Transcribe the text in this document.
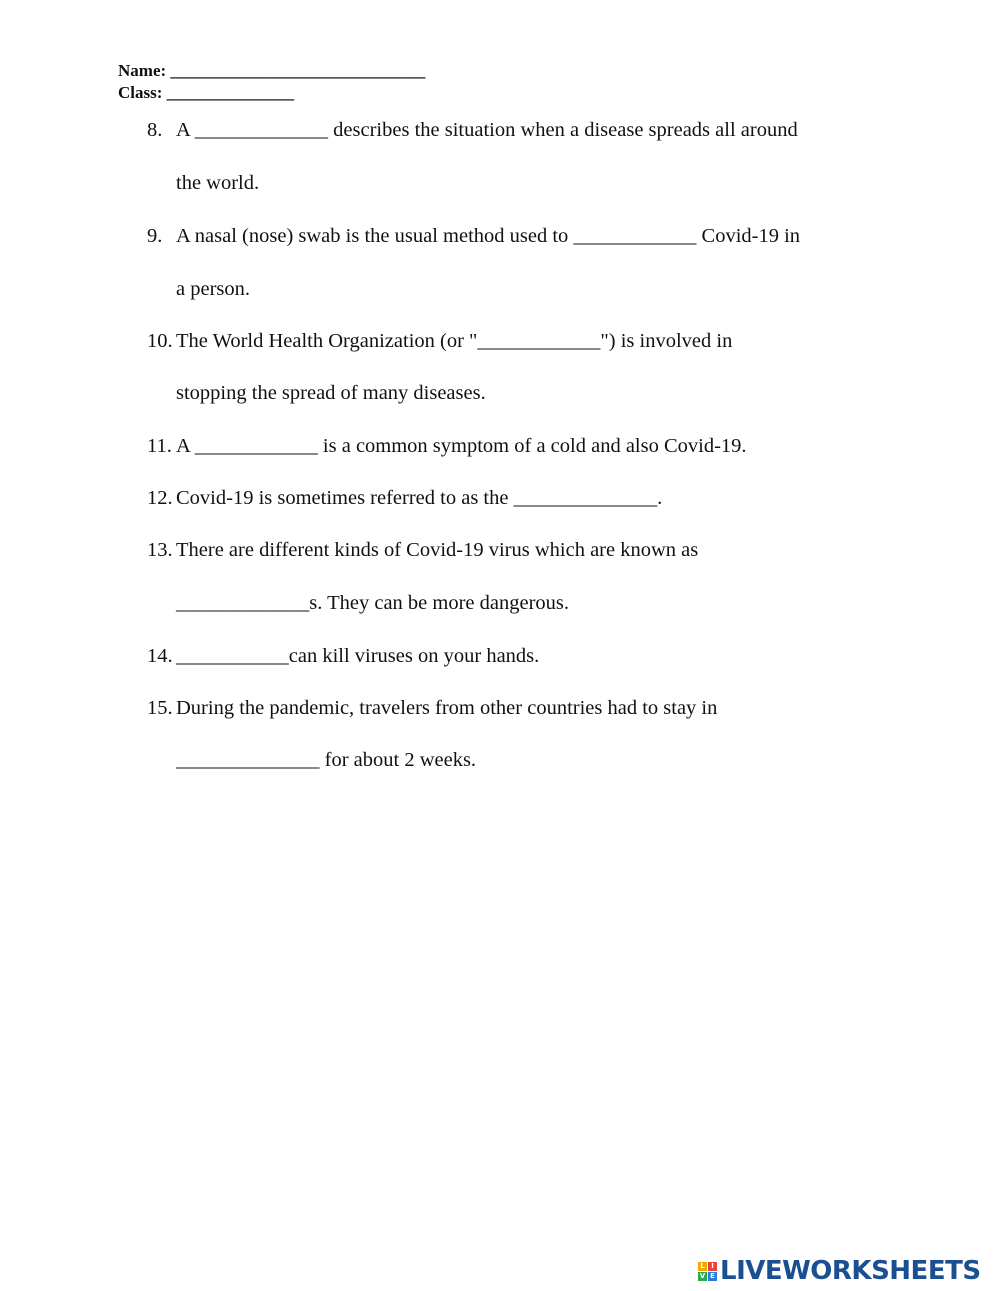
Name: ______________________________
Class: _______________
8. A _____________ describes the situation when a disease spreads all around
the world.
9. A nasal (nose) swab is the usual method used to ____________ Covid-19 in
a person.
10. The World Health Organization (or "____________") is involved in
stopping the spread of many diseases.
11. A ____________ is a common symptom of a cold and also Covid-19.
12. Covid-19 is sometimes referred to as the ______________.
13. There are different kinds of Covid-19 virus which are known as
_____________s. They can be more dangerous.
14. ___________can kill viruses on your hands.
15. During the pandemic, travelers from other countries had to stay in
______________ for about 2 weeks.
L I
V E LIVEWORKSHEETS
